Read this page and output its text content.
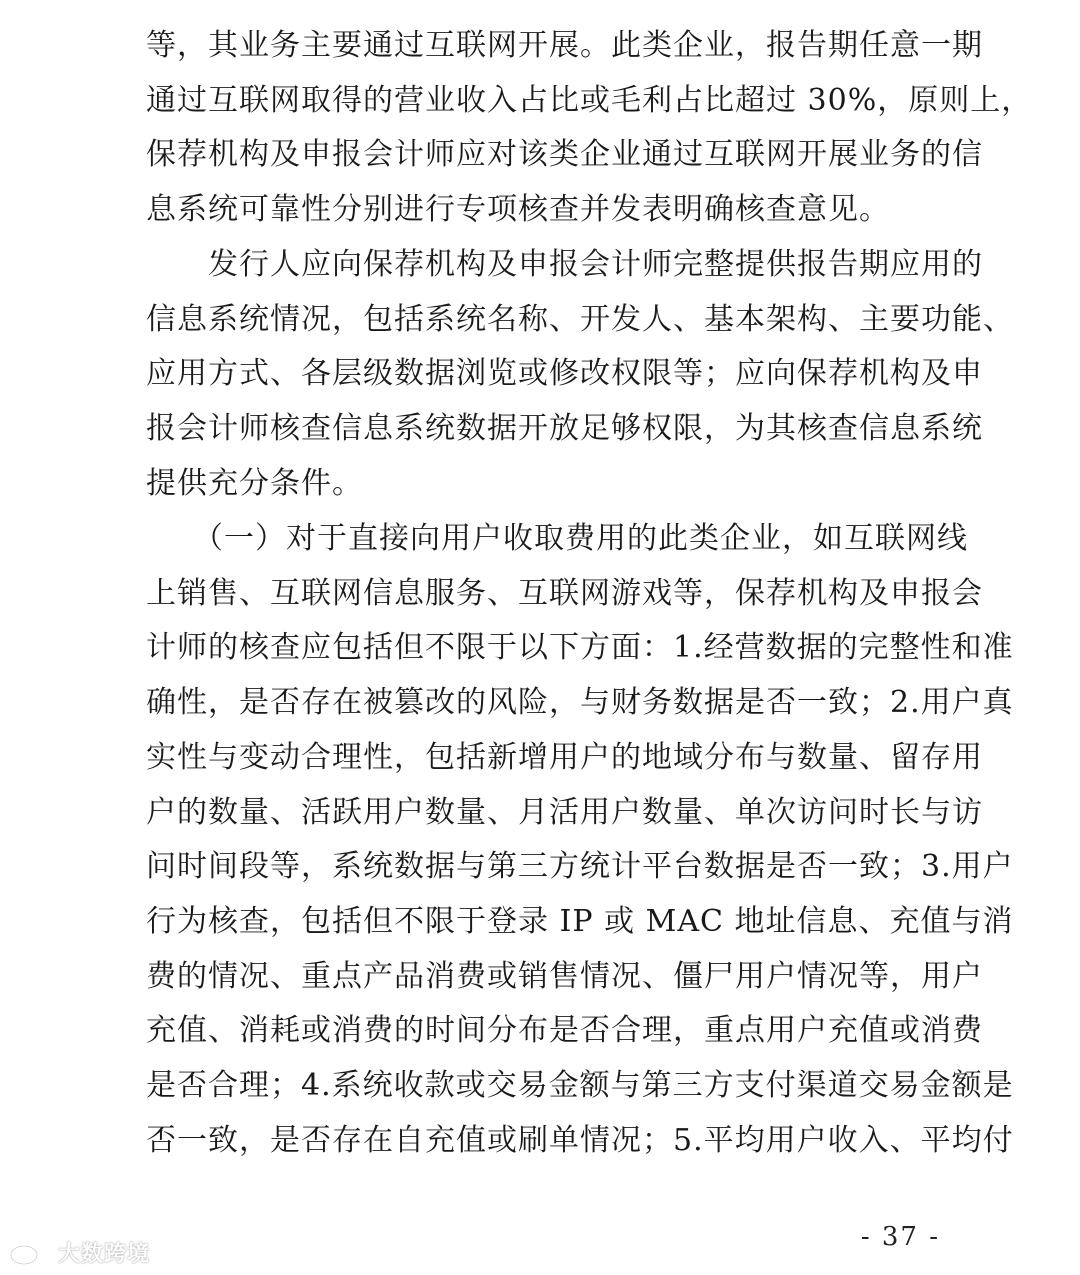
等，其业务主要通过互联网开展。此类企业，报告期任意一期
通过互联网取得的营业收入占比或毛利占比超过 30%，原则上，
保荐机构及申报会计师应对该类企业通过互联网开展业务的信
息系统可靠性分别进行专项核查并发表明确核查意见。

　　发行人应向保荐机构及申报会计师完整提供报告期应用的
信息系统情况，包括系统名称、开发人、基本架构、主要功能、
应用方式、各层级数据浏览或修改权限等；应向保荐机构及申
报会计师核查信息系统数据开放足够权限，为其核查信息系统
提供充分条件。

　　（一）对于直接向用户收取费用的此类企业，如互联网线
上销售、互联网信息服务、互联网游戏等，保荐机构及申报会
计师的核查应包括但不限于以下方面：1.经营数据的完整性和准
确性，是否存在被篡改的风险，与财务数据是否一致；2.用户真
实性与变动合理性，包括新增用户的地域分布与数量、留存用
户的数量、活跃用户数量、月活用户数量、单次访问时长与访
问时间段等，系统数据与第三方统计平台数据是否一致；3.用户
行为核查，包括但不限于登录 IP 或 MAC 地址信息、充值与消
费的情况、重点产品消费或销售情况、僵尸用户情况等，用户
充值、消耗或消费的时间分布是否合理，重点用户充值或消费
是否合理；4.系统收款或交易金额与第三方支付渠道交易金额是
否一致，是否存在自充值或刷单情况；5.平均用户收入、平均付

- 37 -
大数跨境
